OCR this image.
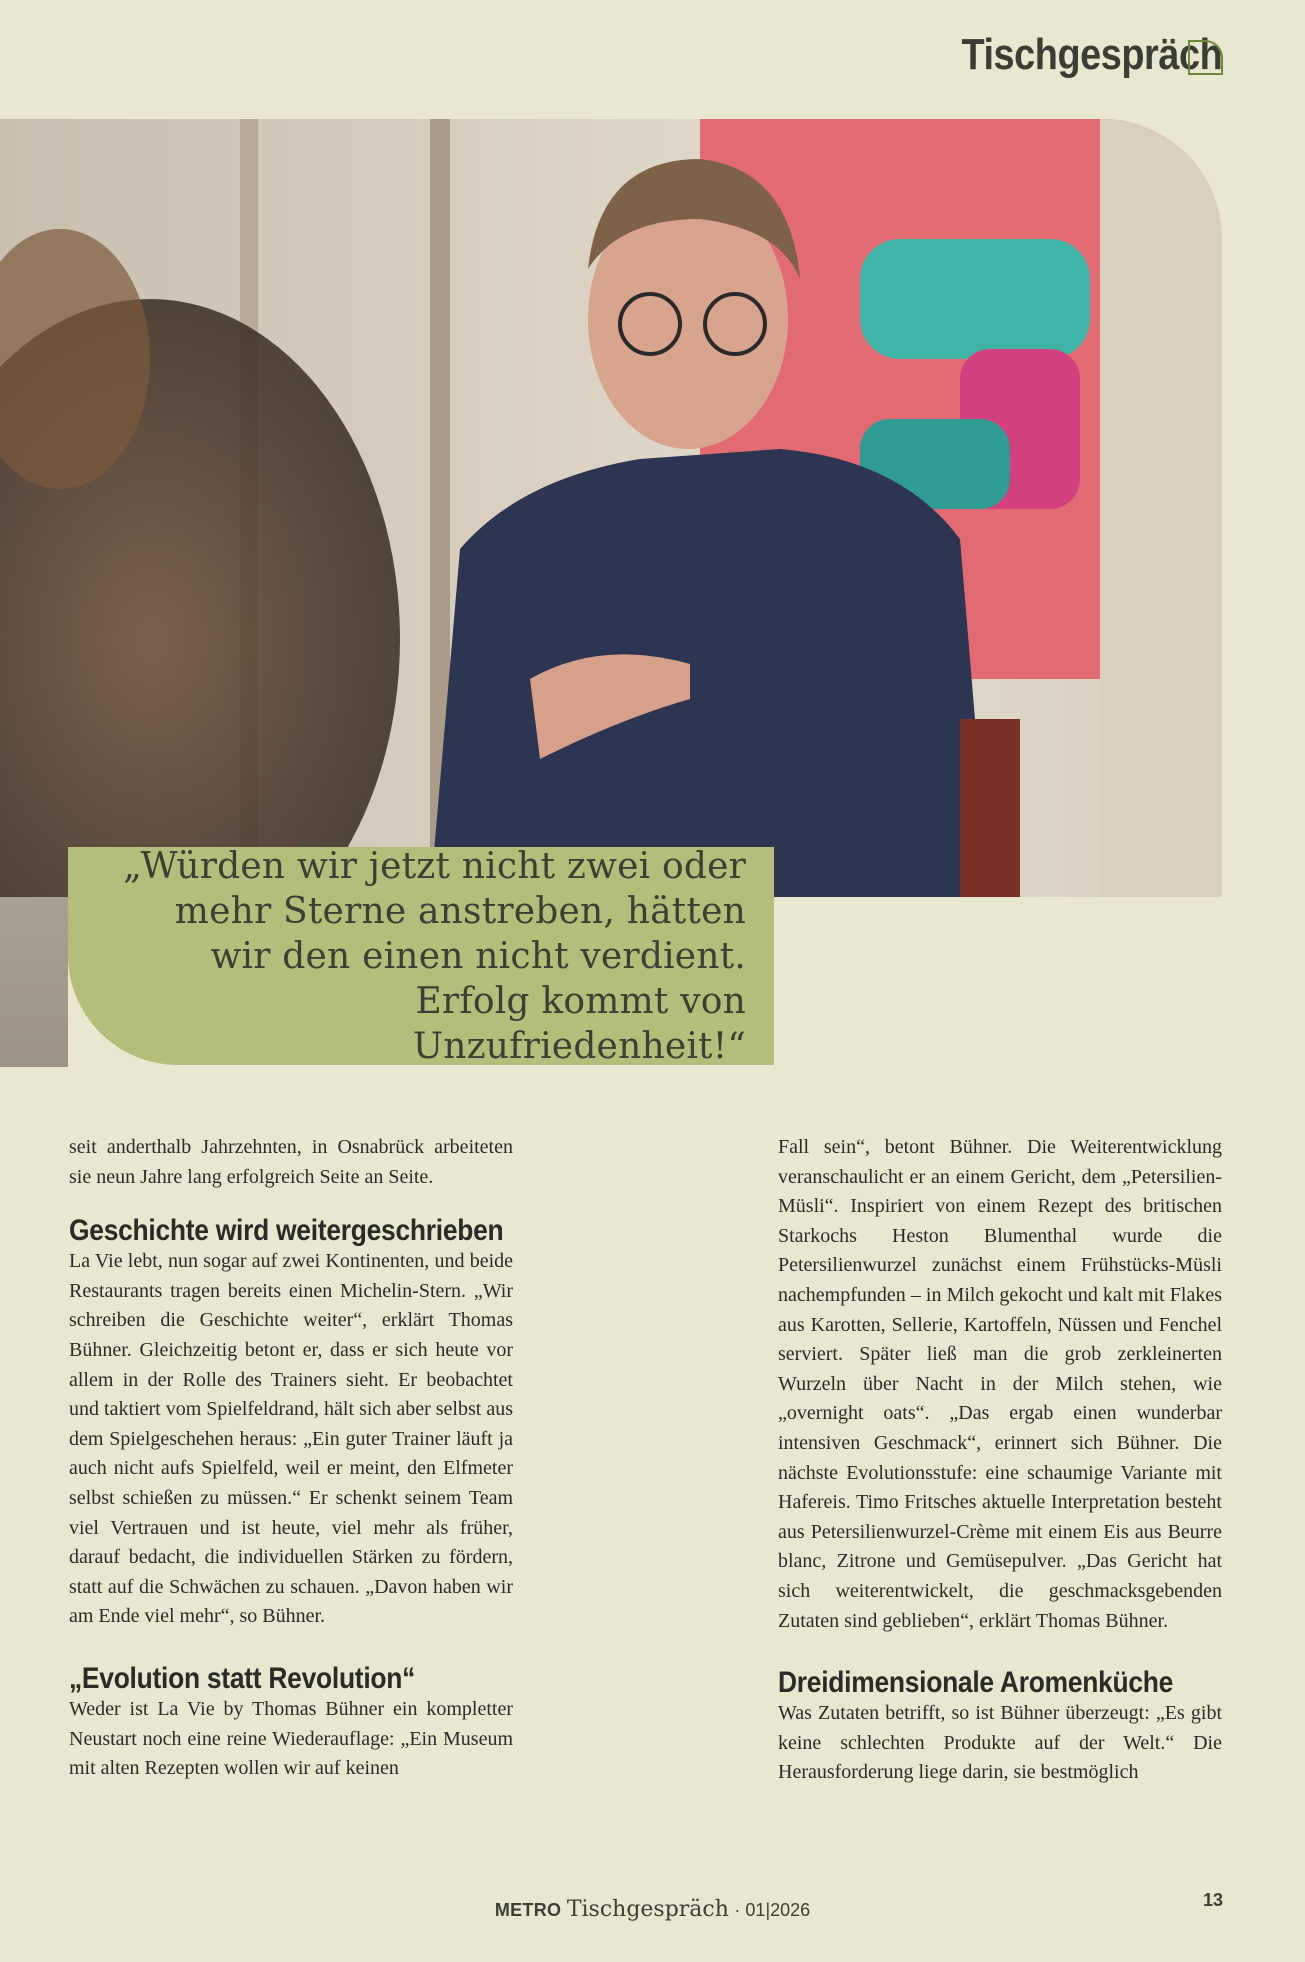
Tischgespräch
„Würden wir jetzt nicht zwei oder mehr Sterne anstreben, hätten wir den einen nicht verdient. Erfolg kommt von Unzufriedenheit!“

seit anderthalb Jahrzehnten, in Osnabrück arbeiteten sie neun Jahre lang erfolgreich Seite an Seite.

Geschichte wird weitergeschrieben

La Vie lebt, nun sogar auf zwei Kontinenten, und beide Restaurants tragen bereits einen Michelin-Stern. „Wir schreiben die Geschichte weiter“, erklärt Thomas Bühner. Gleichzeitig betont er, dass er sich heute vor allem in der Rolle des Trainers sieht. Er beobachtet und taktiert vom Spielfeldrand, hält sich aber selbst aus dem Spielgeschehen heraus: „Ein guter Trainer läuft ja auch nicht aufs Spielfeld, weil er meint, den Elfmeter selbst schießen zu müssen.“ Er schenkt seinem Team viel Vertrauen und ist heute, viel mehr als früher, darauf bedacht, die individuellen Stärken zu fördern, statt auf die Schwächen zu schauen. „Davon haben wir am Ende viel mehr“, so Bühner.

„Evolution statt Revolution“

Weder ist La Vie by Thomas Bühner ein kompletter Neustart noch eine reine Wiederauflage: „Ein Museum mit alten Rezepten wollen wir auf keinen

Fall sein“, betont Bühner. Die Weiterentwicklung veranschaulicht er an einem Gericht, dem „Petersilien-Müsli“. Inspiriert von einem Rezept des britischen Starkochs Heston Blumenthal wurde die Petersilienwurzel zunächst einem Frühstücks-Müsli nachempfunden – in Milch gekocht und kalt mit Flakes aus Karotten, Sellerie, Kartoffeln, Nüssen und Fenchel serviert. Später ließ man die grob zerkleinerten Wurzeln über Nacht in der Milch stehen, wie „overnight oats“. „Das ergab einen wunderbar intensiven Geschmack“, erinnert sich Bühner. Die nächste Evolutionsstufe: eine schaumige Variante mit Hafereis. Timo Fritsches aktuelle Interpretation besteht aus Petersilienwurzel-Crème mit einem Eis aus Beurre blanc, Zitrone und Gemüsepulver. „Das Gericht hat sich weiterentwickelt, die geschmacksgebenden Zutaten sind geblieben“, erklärt Thomas Bühner.

Dreidimensionale Aromenküche

Was Zutaten betrifft, so ist Bühner überzeugt: „Es gibt keine schlechten Produkte auf der Welt.“ Die Herausforderung liege darin, sie bestmöglich

METRO Tischgespräch · 01|2026	13
